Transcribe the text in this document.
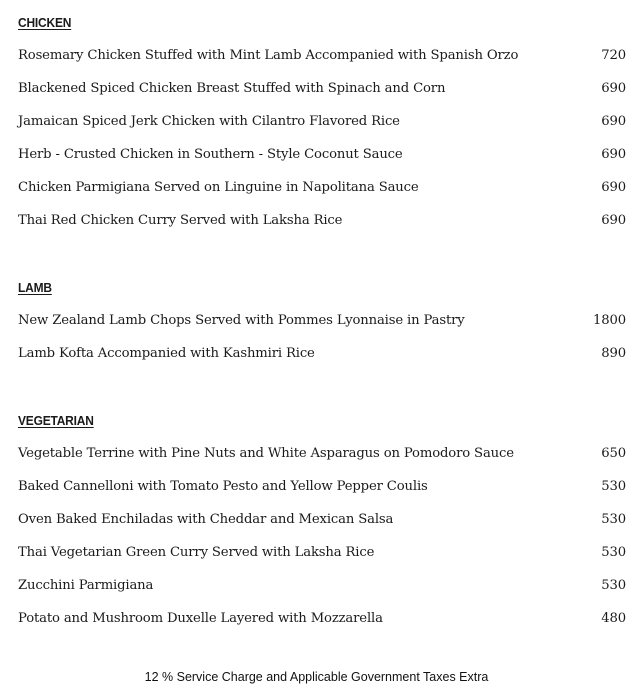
CHICKEN
Rosemary Chicken Stuffed with Mint Lamb Accompanied with Spanish Orzo	720
Blackened Spiced Chicken Breast Stuffed with Spinach and Corn	690
Jamaican Spiced Jerk Chicken with Cilantro Flavored Rice	690
Herb - Crusted Chicken in Southern - Style Coconut Sauce	690
Chicken Parmigiana Served on Linguine in Napolitana Sauce	690
Thai Red Chicken Curry Served with Laksha Rice	690
LAMB
New Zealand Lamb Chops Served with Pommes Lyonnaise in Pastry	1800
Lamb Kofta Accompanied with Kashmiri Rice	890
VEGETARIAN
Vegetable Terrine with Pine Nuts and White Asparagus on Pomodoro Sauce	650
Baked Cannelloni with Tomato Pesto and Yellow Pepper Coulis	530
Oven Baked Enchiladas with Cheddar and Mexican Salsa	530
Thai Vegetarian Green Curry Served with Laksha Rice	530
Zucchini Parmigiana	530
Potato and Mushroom Duxelle Layered with Mozzarella	480
12 % Service Charge and Applicable Government Taxes Extra
